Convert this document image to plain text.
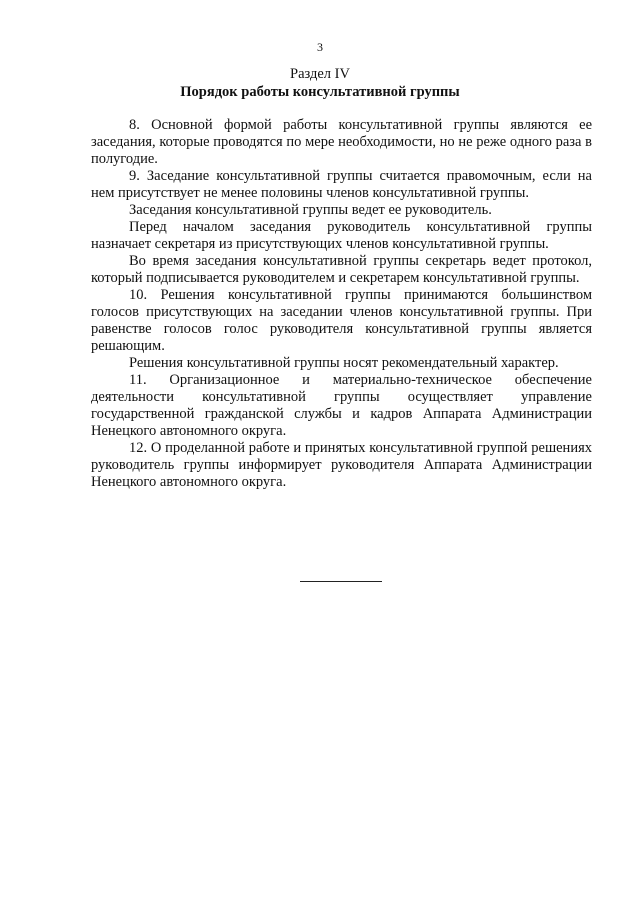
3
Раздел IV
Порядок работы консультативной группы

8. Основной формой работы консультативной группы являются ее заседания, которые проводятся по мере необходимости, но не реже одного раза в полугодие.

9. Заседание консультативной группы считается правомочным, если на нем присутствует не менее половины членов консультативной группы.

Заседания консультативной группы ведет ее руководитель.

Перед началом заседания руководитель консультативной группы назначает секретаря из присутствующих членов консультативной группы.

Во время заседания консультативной группы секретарь ведет протокол, который подписывается руководителем и секретарем консультативной группы.

10. Решения консультативной группы принимаются большинством голосов присутствующих на заседании членов консультативной группы. При равенстве голосов голос руководителя консультативной группы является решающим.

Решения консультативной группы носят рекомендательный характер.

11. Организационное и материально-техническое обеспечение деятельности консультативной группы осуществляет управление государственной гражданской службы и кадров Аппарата Администрации Ненецкого автономного округа.

12. О проделанной работе и принятых консультативной группой решениях руководитель группы информирует руководителя Аппарата Администрации Ненецкого автономного округа.
